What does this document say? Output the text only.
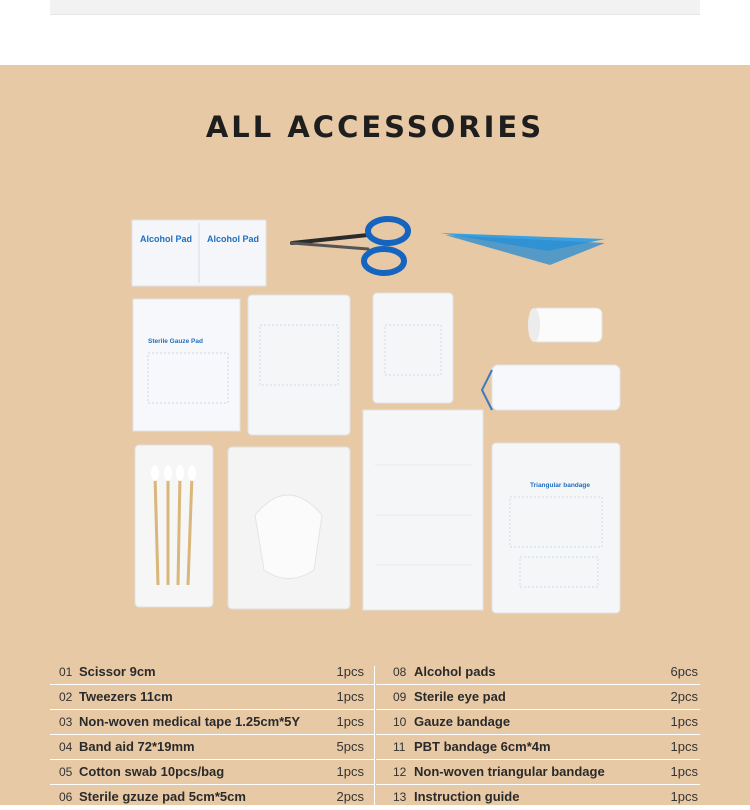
ALL ACCESSORIES
Alcohol Pad Alcohol Pad
Sterile Gauze Pad
Triangular bandage
01 Scissor 9cm	1pcs
02 Tweezers 11cm	1pcs
03 Non-woven medical tape 1.25cm*5Y	1pcs
04 Band aid 72*19mm	5pcs
05 Cotton swab 10pcs/bag	1pcs
06 Sterile gzuze pad 5cm*5cm	2pcs
08 Alcohol pads	6pcs
09 Sterile eye pad	2pcs
10 Gauze bandage	1pcs
11 PBT bandage 6cm*4m	1pcs
12 Non-woven triangular bandage	1pcs
13 Instruction guide	1pcs
